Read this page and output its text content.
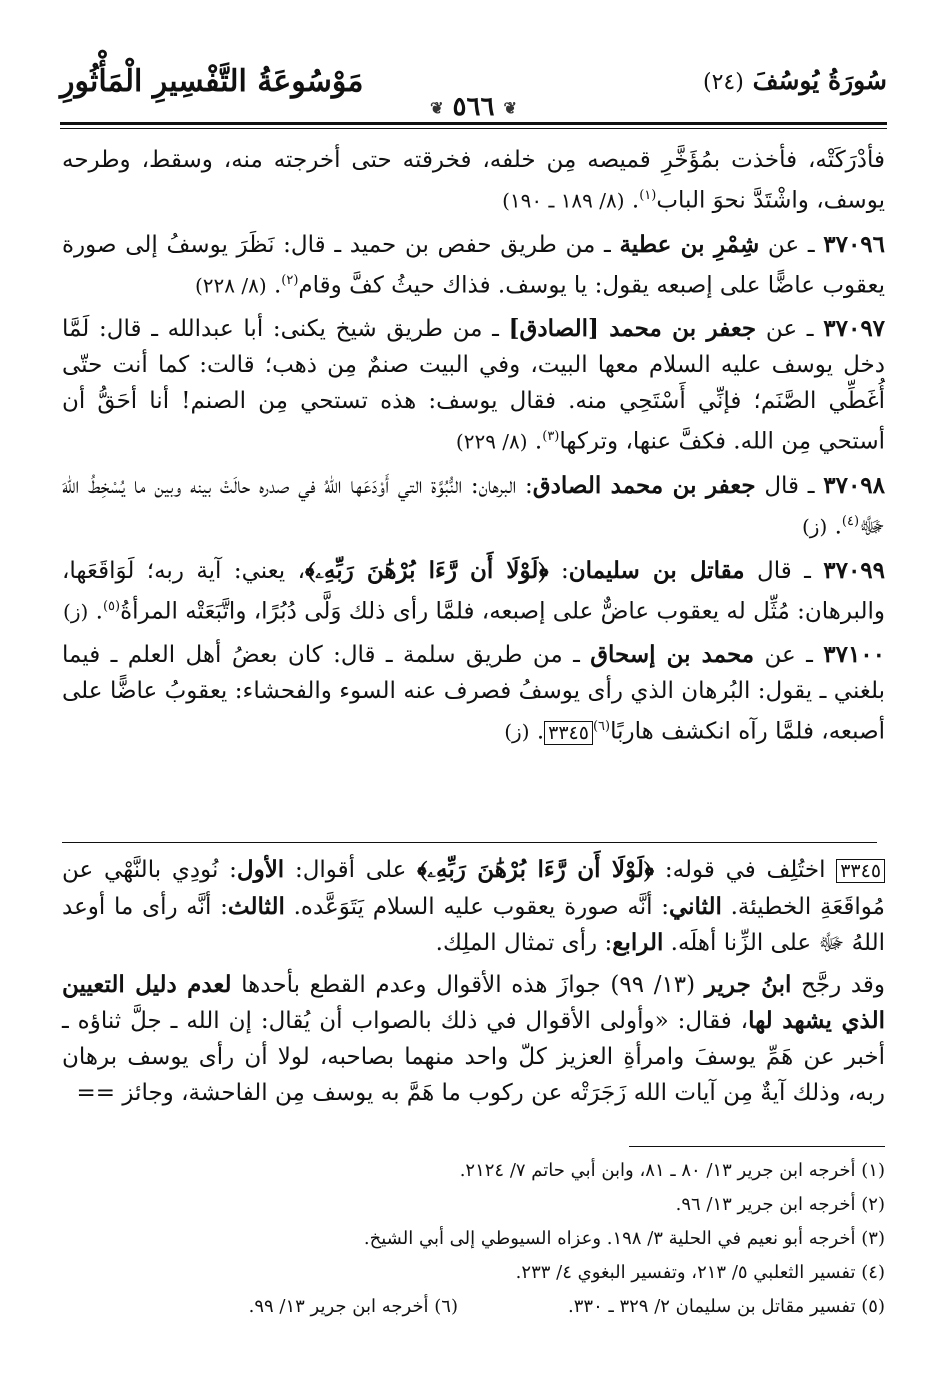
سُورَةُ يُوسُفَ (٢٤)
مَوْسُوعَةُ التَّفْسِيرِ الْمَأْثُورِ
❦ ٥٦٦ ❦

فأدْرَكَتْه، فأخذت بمُؤَخَّرِ قميصه مِن خلفه، فخرقته حتى أخرجته منه، وسقط، وطرحه يوسف، واشْتَدَّ نحوَ الباب$^{(١)}$. (٨/ ١٨٩ ـ ١٩٠)

٣٧٠٩٦ ـ عن شِمْرِ بن عطية ـ من طريق حفص بن حميد ـ قال: نَظَرَ يوسفُ إلى صورة يعقوب عاضًّا على إصبعه يقول: يا يوسف. فذاك حيثُ كفَّ وقام$^{(٢)}$. (٨/ ٢٢٨)

٣٧٠٩٧ ـ عن جعفر بن محمد [الصادق] ـ من طريق شيخ يكنى: أبا عبدالله ـ قال: لَمَّا دخل يوسف عليه السلام معها البيت، وفي البيت صنمٌ مِن ذهب؛ قالت: كما أنت حتّى أُغَطِّي الصَّنَم؛ فإنِّي أَسْتَحِي منه. فقال يوسف: هذه تستحي مِن الصنم! أنا أحَقُّ أن أستحي مِن الله. فكفَّ عنها، وتركها$^{(٣)}$. (٨/ ٢٢٩)

٣٧٠٩٨ ـ قال جعفر بن محمد الصادق: البرهان: النُّبُوَّة التي أَوْدَعَها اللهُ في صدره حالَتْ بينه وبين ما يُسْخِطُ اللهَ ﷻ$^{(٤)}$. (ز)

٣٧٠٩٩ ـ قال مقاتل بن سليمان: ﴿لَوْلَا أَن رَّءَا بُرْهَٰنَ رَبِّهِۦ﴾، يعني: آية ربه؛ لَوَاقَعَها، والبرهان: مُثِّل له يعقوب عاضٌّ على إصبعه، فلمَّا رأى ذلك وَلَّى دُبُرًا، واتَّبَعَتْه المرأةُ$^{(٥)}$. (ز)

٣٧١٠٠ ـ عن محمد بن إسحاق ـ من طريق سلمة ـ قال: كان بعضُ أهل العلم ـ فيما بلغني ـ يقول: البُرهان الذي رأى يوسفُ فصرف عنه السوء والفحشاء: يعقوبُ عاضًّا على أصبعه، فلمَّا رآه انكشف هاربًا$^{(٦)}$٣٣٤٥. (ز)

٣٣٤٥ اختُلِف في قوله: ﴿لَوْلَا أَن رَّءَا بُرْهَٰنَ رَبِّهِۦ﴾ على أقوال: الأول: نُودِي بالنَّهْي عن مُواقَعَةِ الخطيئة. الثاني: أنَّه صورة يعقوب عليه السلام يَتَوَعَّده. الثالث: أنَّه رأى ما أوعد اللهُ ﷻ على الزِّنا أهلَه. الرابع: رأى تمثال الملِك.

وقد رجَّح ابنُ جرير (١٣/ ٩٩) جوازَ هذه الأقوال وعدم القطع بأحدها لعدم دليل التعيين الذي يشهد لها، فقال: «وأولى الأقوال في ذلك بالصواب أن يُقال: إن الله ـ جلَّ ثناؤه ـ أخبر عن هَمِّ يوسفَ وامرأةِ العزيز كلّ واحد منهما بصاحبه، لولا أن رأى يوسف برهان ربه، وذلك آيةٌ مِن آيات الله زَجَرَتْه عن ركوب ما هَمَّ به يوسف مِن الفاحشة، وجائز ==

(١) أخرجه ابن جرير ١٣/ ٨٠ ـ ٨١، وابن أبي حاتم ٧/ ٢١٢٤.

(٢) أخرجه ابن جرير ١٣/ ٩٦.

(٣) أخرجه أبو نعيم في الحلية ٣/ ١٩٨. وعزاه السيوطي إلى أبي الشيخ.

(٤) تفسير الثعلبي ٥/ ٢١٣، وتفسير البغوي ٤/ ٢٣٣.

(٥) تفسير مقاتل بن سليمان ٢/ ٣٢٩ ـ ٣٣٠.
(٦) أخرجه ابن جرير ١٣/ ٩٩.
